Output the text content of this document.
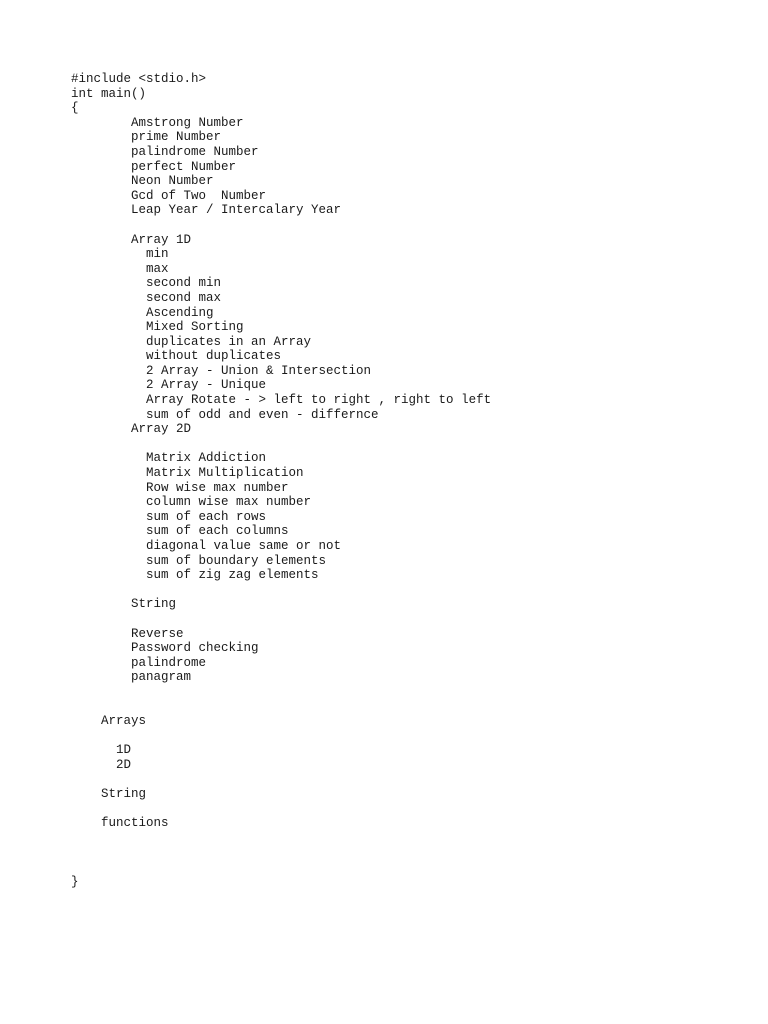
#include <stdio.h>
int main()
{
Amstrong Number
prime Number
palindrome Number
perfect Number
Neon Number
Gcd of Two  Number
Leap Year / Intercalary Year

Array 1D
min
max
second min
second max
Ascending
Mixed Sorting
duplicates in an Array
without duplicates
2 Array - Union & Intersection
2 Array - Unique
Array Rotate - > left to right , right to left
sum of odd and even - differnce
Array 2D

Matrix Addiction
Matrix Multiplication
Row wise max number
column wise max number
sum of each rows
sum of each columns
diagonal value same or not
sum of boundary elements
sum of zig zag elements

String

Reverse
Password checking
palindrome
panagram

Arrays

1D
2D

String

functions

}
